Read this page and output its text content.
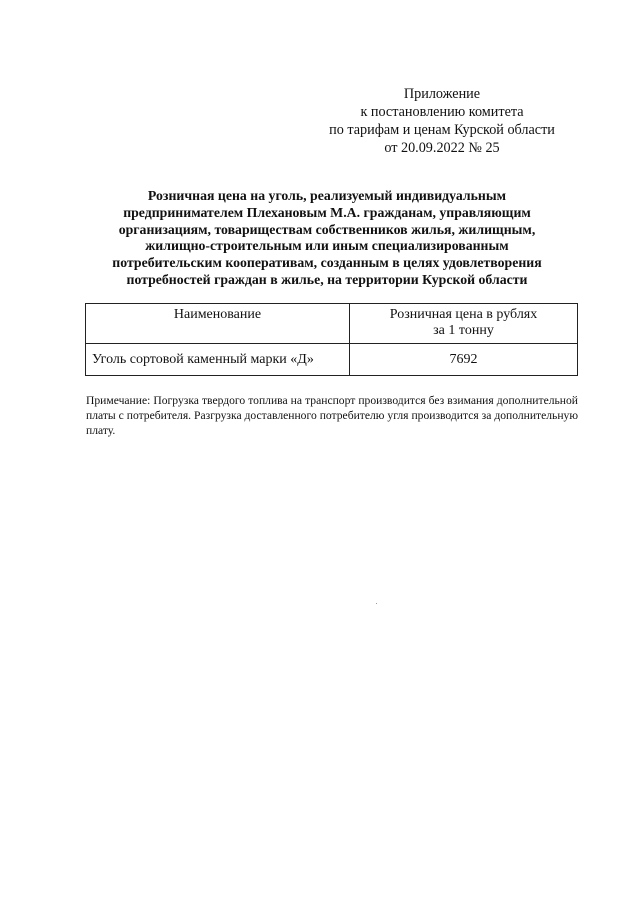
Приложение
к постановлению комитета
по тарифам и ценам Курской области
от 20.09.2022 № 25
Розничная цена на уголь, реализуемый индивидуальным
предпринимателем Плехановым М.А. гражданам, управляющим
организациям, товариществам собственников жилья, жилищным,
жилищно-строительным или иным специализированным
потребительским кооперативам, созданным в целях удовлетворения
потребностей граждан в жилье, на территории Курской области
Наименование	Розничная цена в рублях
за 1 тонну

Уголь сортовой каменный марки «Д»	7692
Примечание: Погрузка твердого топлива на транспорт производится без взимания дополнительной платы с потребителя. Разгрузка доставленного потребителю угля производится за дополнительную плату.
